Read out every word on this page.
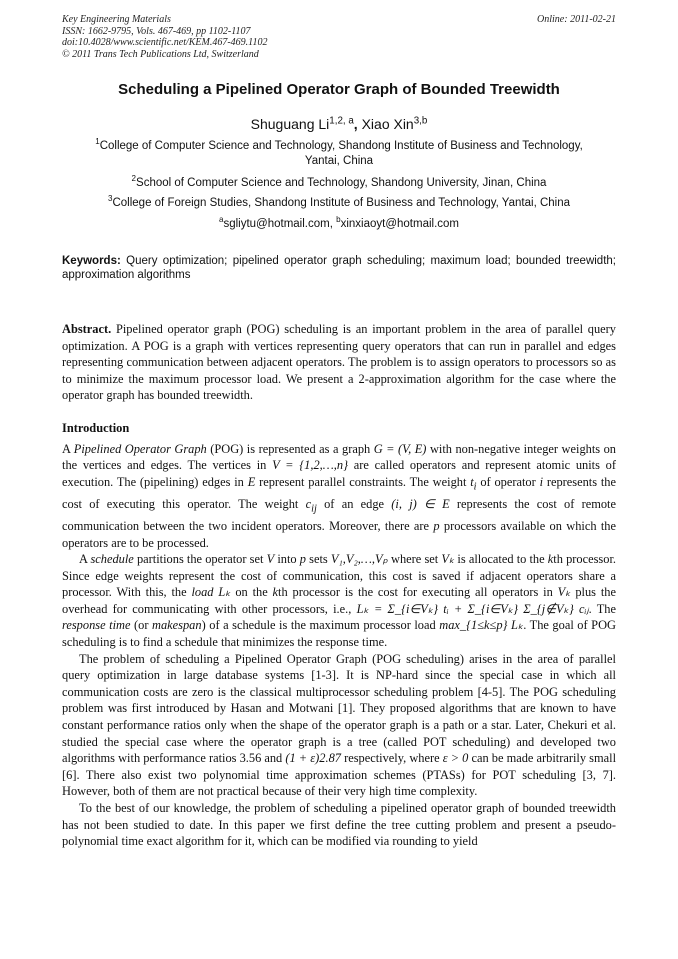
Key Engineering Materials
ISSN: 1662-9795, Vols. 467-469, pp 1102-1107
doi:10.4028/www.scientific.net/KEM.467-469.1102
© 2011 Trans Tech Publications Ltd, Switzerland
Online: 2011-02-21
Scheduling a Pipelined Operator Graph of Bounded Treewidth
Shuguang Li$^{1,2, a}$, Xiao Xin$^{3,b}$
$^1$College of Computer Science and Technology, Shandong Institute of Business and Technology,
Yantai, China
$^2$School of Computer Science and Technology, Shandong University, Jinan, China
$^3$College of Foreign Studies, Shandong Institute of Business and Technology, Yantai, China
$^a$sgliytu@hotmail.com, $^b$xinxiaoyt@hotmail.com
Keywords: Query optimization; pipelined operator graph scheduling; maximum load; bounded treewidth; approximation algorithms

Abstract. Pipelined operator graph (POG) scheduling is an important problem in the area of parallel query optimization. A POG is a graph with vertices representing query operators that can run in parallel and edges representing communication between adjacent operators. The problem is to assign operators to processors so as to minimize the maximum processor load. We present a 2-approximation algorithm for the case where the operator graph has bounded treewidth.

Introduction

A Pipelined Operator Graph (POG) is represented as a graph G = (V, E) with non-negative integer weights on the vertices and edges. The vertices in V = {1,2,…,n} are called operators and represent atomic units of execution. The (pipelining) edges in E represent parallel constraints. The weight $t_i$ of operator i represents the cost of executing this operator. The weight $c_{ij}$ of an edge (i, j) ∈ E represents the cost of remote communication between the two incident operators. Moreover, there are p processors available on which the operators are to be processed.

A schedule partitions the operator set V into p sets V₁,V₂,…,Vₚ where set Vₖ is allocated to the kth processor. Since edge weights represent the cost of communication, this cost is saved if adjacent operators share a processor. With this, the load Lₖ on the kth processor is the cost for executing all operators in Vₖ plus the overhead for communicating with other processors, i.e., Lₖ = Σ_{i∈Vₖ} tᵢ + Σ_{i∈Vₖ} Σ_{j∉Vₖ} cᵢⱼ. The response time (or makespan) of a schedule is the maximum processor load max_{1≤k≤p} Lₖ. The goal of POG scheduling is to find a schedule that minimizes the response time.

The problem of scheduling a Pipelined Operator Graph (POG scheduling) arises in the area of parallel query optimization in large database systems [1-3]. It is NP-hard since the special case in which all communication costs are zero is the classical multiprocessor scheduling problem [4-5]. The POG scheduling problem was first introduced by Hasan and Motwani [1]. They proposed algorithms that are known to have constant performance ratios only when the shape of the operator graph is a path or a star. Later, Chekuri et al. studied the special case where the operator graph is a tree (called POT scheduling) and developed two algorithms with performance ratios 3.56 and (1 + ε)2.87 respectively, where ε > 0 can be made arbitrarily small [6]. There also exist two polynomial time approximation schemes (PTASs) for POT scheduling [3, 7]. However, both of them are not practical because of their very high time complexity.

To the best of our knowledge, the problem of scheduling a pipelined operator graph of bounded treewidth has not been studied to date. In this paper we first define the tree cutting problem and present a pseudo-polynomial time exact algorithm for it, which can be modified via rounding to yield
